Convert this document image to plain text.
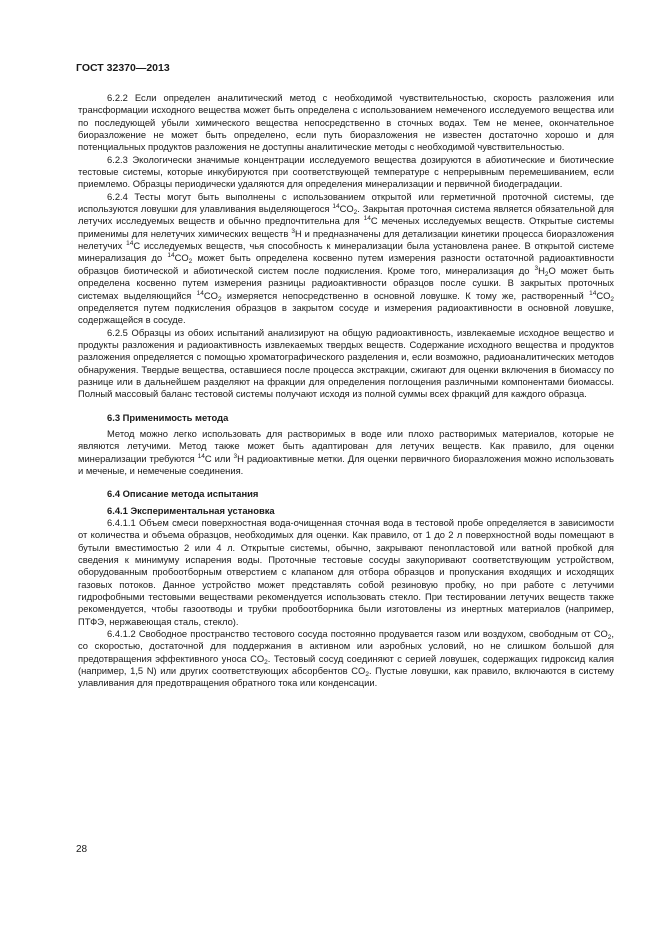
ГОСТ 32370—2013
6.2.2 Если определен аналитический метод с необходимой чувствительностью, скорость разложения или трансформации исходного вещества может быть определена с использованием немеченого исследуемого вещества или по последующей убыли химического вещества непосредственно в сточных водах. Тем не менее, окончательное биоразложение не может быть определено, если путь биоразложения не известен достаточно хорошо и для потенциальных продуктов разложения не доступны аналитические методы с необходимой чувствительностью.
6.2.3 Экологически значимые концентрации исследуемого вещества дозируются в абиотические и биотические тестовые системы, которые инкубируются при соответствующей температуре с непрерывным перемешиванием, если приемлемо. Образцы периодически удаляются для определения минерализации и первичной биодеградации.
6.2.4 Тесты могут быть выполнены с использованием открытой или герметичной проточной системы, где используются ловушки для улавливания выделяющегося $^{14}CO_2$. Закрытая проточная система является обязательной для летучих исследуемых веществ и обычно предпочтительна для $^{14}$С меченых исследуемых веществ. Открытые системы применимы для нелетучих химических веществ $^3$Н и предназначены для детализации кинетики процесса биоразложения нелетучих $^{14}$С исследуемых веществ, чья способность к минерализации была установлена ранее. В открытой системе минерализация до $^{14}CO_2$ может быть определена косвенно путем измерения разности остаточной радиоактивности образцов биотической и абиотической систем после подкисления. Кроме того, минерализация до $^3H_2O$ может быть определена косвенно путем измерения разницы радиоактивности образцов после сушки. В закрытых проточных системах выделяющийся $^{14}CO_2$ измеряется непосредственно в основной ловушке. К тому же, растворенный $^{14}CO_2$ определяется путем подкисления образцов в закрытом сосуде и измерения радиоактивности в основной ловушке, содержащейся в сосуде.
6.2.5 Образцы из обоих испытаний анализируют на общую радиоактивность, извлекаемые исходное вещество и продукты разложения и радиоактивность извлекаемых твердых веществ. Содержание исходного вещества и продуктов разложения определяется с помощью хроматографического разделения и, если возможно, радиоаналитических методов обнаружения. Твердые вещества, оставшиеся после процесса экстракции, сжигают для оценки включения в биомассу по разнице или в дальнейшем разделяют на фракции для определения поглощения различными компонентами биомассы. Полный массовый баланс тестовой системы получают исходя из полной суммы всех фракций для каждого образца.
6.3 Применимость метода
Метод можно легко использовать для растворимых в воде или плохо растворимых материалов, которые не являются летучими. Метод также может быть адаптирован для летучих веществ. Как правило, для оценки минерализации требуются $^{14}$С или $^3$Н радиоактивные метки. Для оценки первичного биоразложения можно использовать и меченые, и немеченые соединения.
6.4 Описание метода испытания
6.4.1 Экспериментальная установка
6.4.1.1 Объем смеси поверхностная вода-очищенная сточная вода в тестовой пробе определяется в зависимости от количества и объема образцов, необходимых для оценки. Как правило, от 1 до 2 л поверхностной воды помещают в бутыли вместимостью 2 или 4 л. Открытые системы, обычно, закрывают пенопластовой или ватной пробкой для сведения к минимуму испарения воды. Проточные тестовые сосуды закупоривают соответствующим устройством, оборудованным пробоотборным отверстием с клапаном для отбора образцов и пропускания входящих и исходящих газовых потоков. Данное устройство может представлять собой резиновую пробку, но при работе с летучими гидрофобными тестовыми веществами рекомендуется использовать стекло. При тестировании летучих веществ также рекомендуется, чтобы газоотводы и трубки пробоотборника были изготовлены из инертных материалов (например, ПТФЭ, нержавеющая сталь, стекло).
6.4.1.2 Свободное пространство тестового сосуда постоянно продувается газом или воздухом, свободным от $CO_2$, со скоростью, достаточной для поддержания в активном или аэробных условий, но не слишком большой для предотвращения эффективного уноса $CO_2$. Тестовый сосуд соединяют с серией ловушек, содержащих гидроксид калия (например, 1,5 N) или других соответствующих абсорбентов $CO_2$. Пустые ловушки, как правило, включаются в систему улавливания для предотвращения обратного тока или конденсации.
28
